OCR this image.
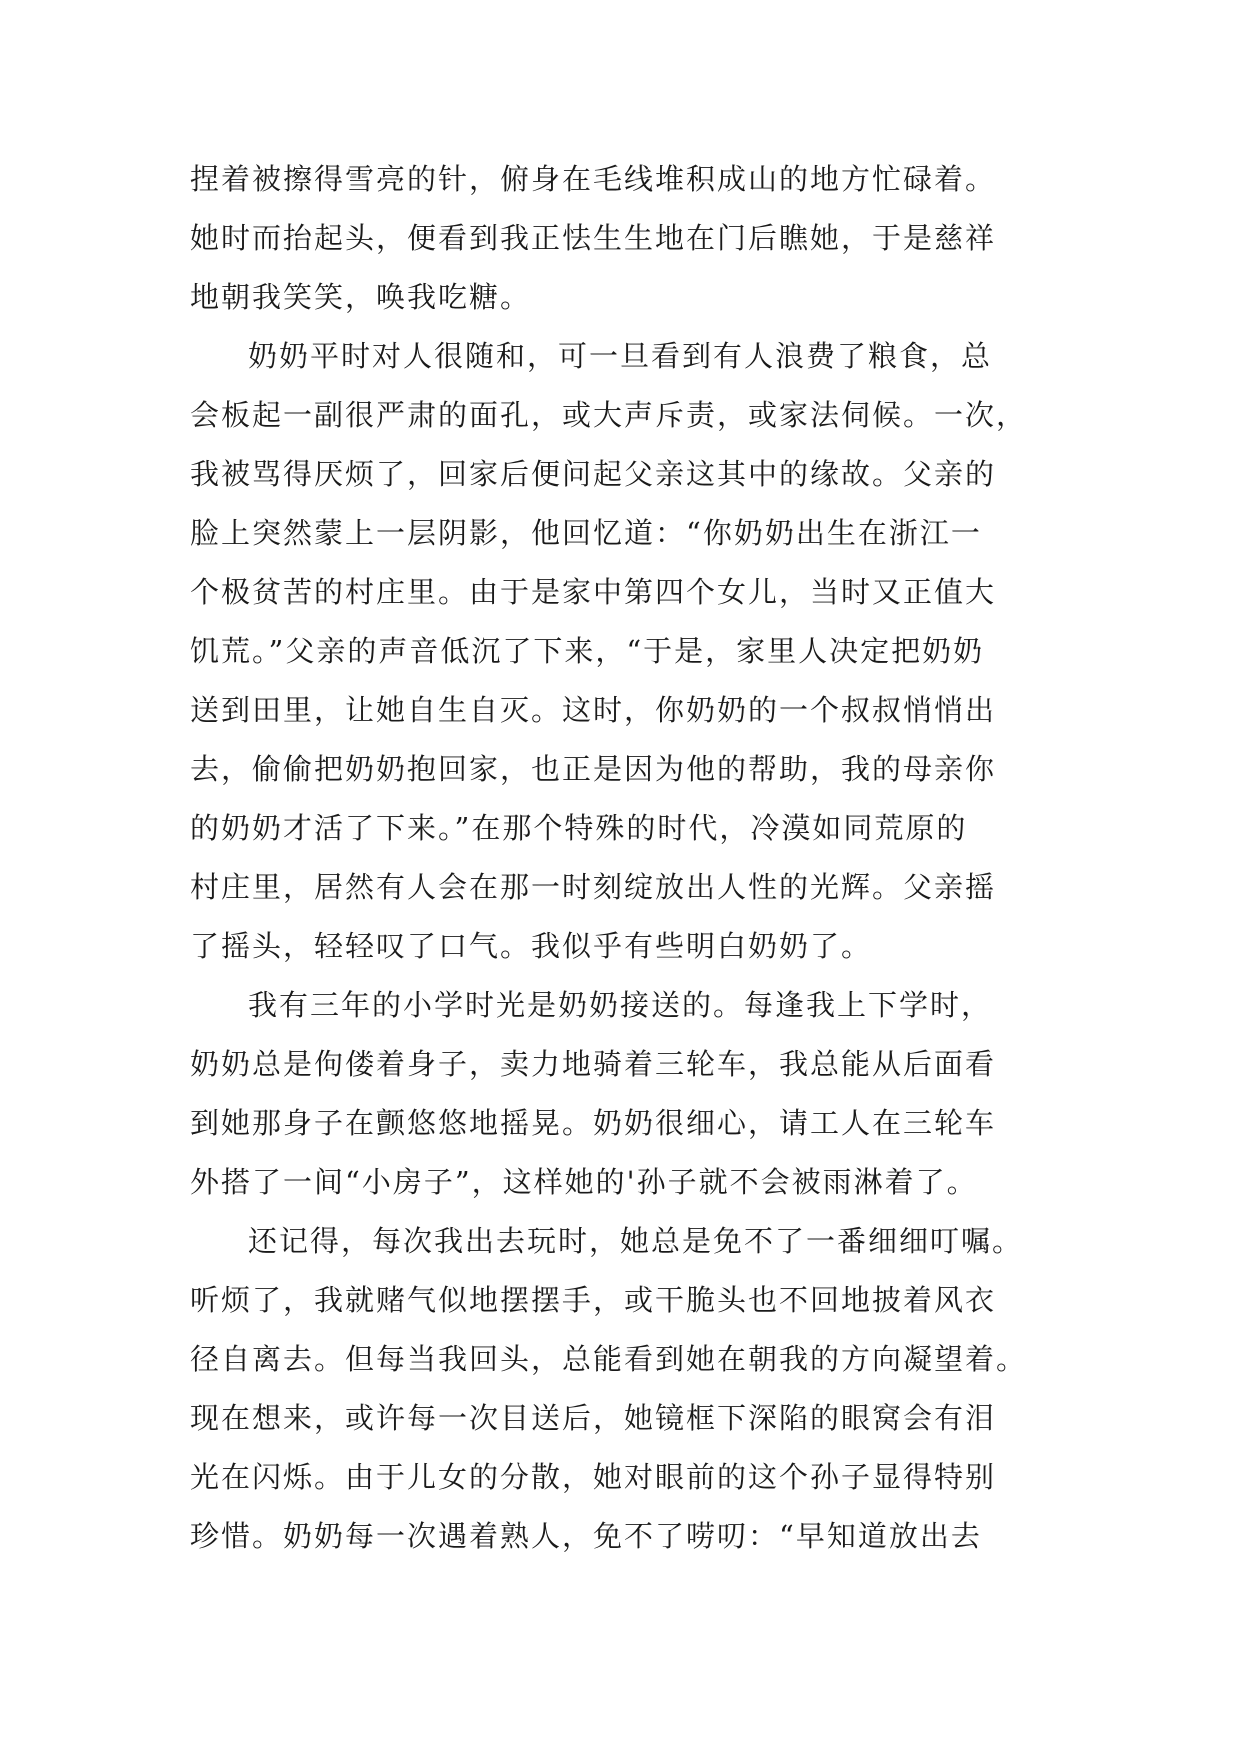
捏着被擦得雪亮的针，俯身在毛线堆积成山的地方忙碌着。
她时而抬起头，便看到我正怯生生地在门后瞧她，于是慈祥
地朝我笑笑，唤我吃糖。
奶奶平时对人很随和，可一旦看到有人浪费了粮食，总
会板起一副很严肃的面孔，或大声斥责，或家法伺候。一次，
我被骂得厌烦了，回家后便问起父亲这其中的缘故。父亲的
脸上突然蒙上一层阴影，他回忆道：“你奶奶出生在浙江一
个极贫苦的村庄里。由于是家中第四个女儿，当时又正值大
饥荒。”父亲的声音低沉了下来，“于是，家里人决定把奶奶
送到田里，让她自生自灭。这时，你奶奶的一个叔叔悄悄出
去，偷偷把奶奶抱回家，也正是因为他的帮助，我的母亲你
的奶奶才活了下来。”在那个特殊的时代，冷漠如同荒原的
村庄里，居然有人会在那一时刻绽放出人性的光辉。父亲摇
了摇头，轻轻叹了口气。我似乎有些明白奶奶了。
我有三年的小学时光是奶奶接送的。每逢我上下学时，
奶奶总是佝偻着身子，卖力地骑着三轮车，我总能从后面看
到她那身子在颤悠悠地摇晃。奶奶很细心，请工人在三轮车
外搭了一间“小房子”，这样她的'孙子就不会被雨淋着了。
还记得，每次我出去玩时，她总是免不了一番细细叮嘱。
听烦了，我就赌气似地摆摆手，或干脆头也不回地披着风衣
径自离去。但每当我回头，总能看到她在朝我的方向凝望着。
现在想来，或许每一次目送后，她镜框下深陷的眼窝会有泪
光在闪烁。由于儿女的分散，她对眼前的这个孙子显得特别
珍惜。奶奶每一次遇着熟人，免不了唠叨：“早知道放出去
